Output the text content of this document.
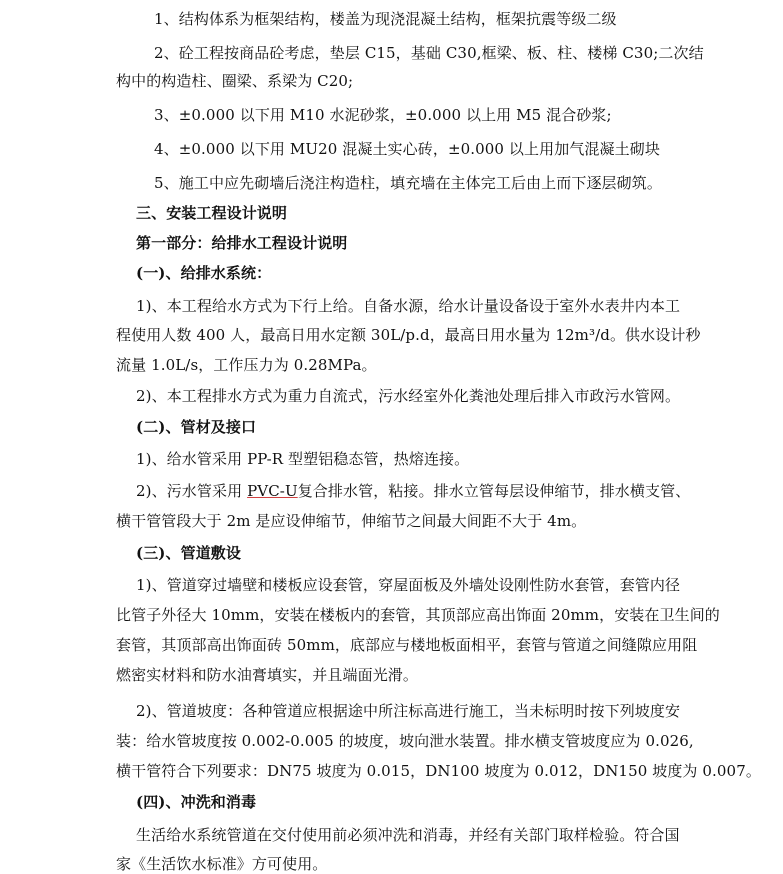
1、结构体系为框架结构，楼盖为现浇混凝土结构，框架抗震等级二级
2、砼工程按商品砼考虑，垫层 C15，基础 C30,框梁、板、柱、楼梯 C30;二次结
构中的构造柱、圈梁、系梁为 C20;
3、±0.000 以下用 M10 水泥砂浆，±0.000 以上用 M5 混合砂浆;
4、±0.000 以下用 MU20 混凝土实心砖，±0.000 以上用加气混凝土砌块
5、施工中应先砌墙后浇注构造柱，填充墙在主体完工后由上而下逐层砌筑。
三、安装工程设计说明
第一部分：给排水工程设计说明
(一)、给排水系统：
1)、本工程给水方式为下行上给。自备水源，给水计量设备设于室外水表井内本工
程使用人数 400 人，最高日用水定额 30L/p.d，最高日用水量为 12m³/d。供水设计秒
流量 1.0L/s，工作压力为 0.28MPa。
2)、本工程排水方式为重力自流式，污水经室外化粪池处理后排入市政污水管网。
(二)、管材及接口
1)、给水管采用 PP-R 型塑铝稳态管，热熔连接。
2)、污水管采用 PVC-U复合排水管，粘接。排水立管每层设伸缩节，排水横支管、
横干管管段大于 2m 是应设伸缩节，伸缩节之间最大间距不大于 4m。
(三)、管道敷设
1)、管道穿过墙壁和楼板应设套管，穿屋面板及外墙处设刚性防水套管，套管内径
比管子外径大 10mm，安装在楼板内的套管，其顶部应高出饰面 20mm，安装在卫生间的
套管，其顶部高出饰面砖 50mm，底部应与楼地板面相平，套管与管道之间缝隙应用阻
燃密实材料和防水油膏填实，并且端面光滑。
2)、管道坡度：各种管道应根据途中所注标高进行施工，当未标明时按下列坡度安
装：给水管坡度按 0.002-0.005 的坡度，坡向泄水装置。排水横支管坡度应为 0.026,
横干管符合下列要求：DN75 坡度为 0.015，DN100 坡度为 0.012，DN150 坡度为 0.007。
(四)、冲洗和消毒
生活给水系统管道在交付使用前必须冲洗和消毒，并经有关部门取样检验。符合国
家《生活饮水标准》方可使用。
